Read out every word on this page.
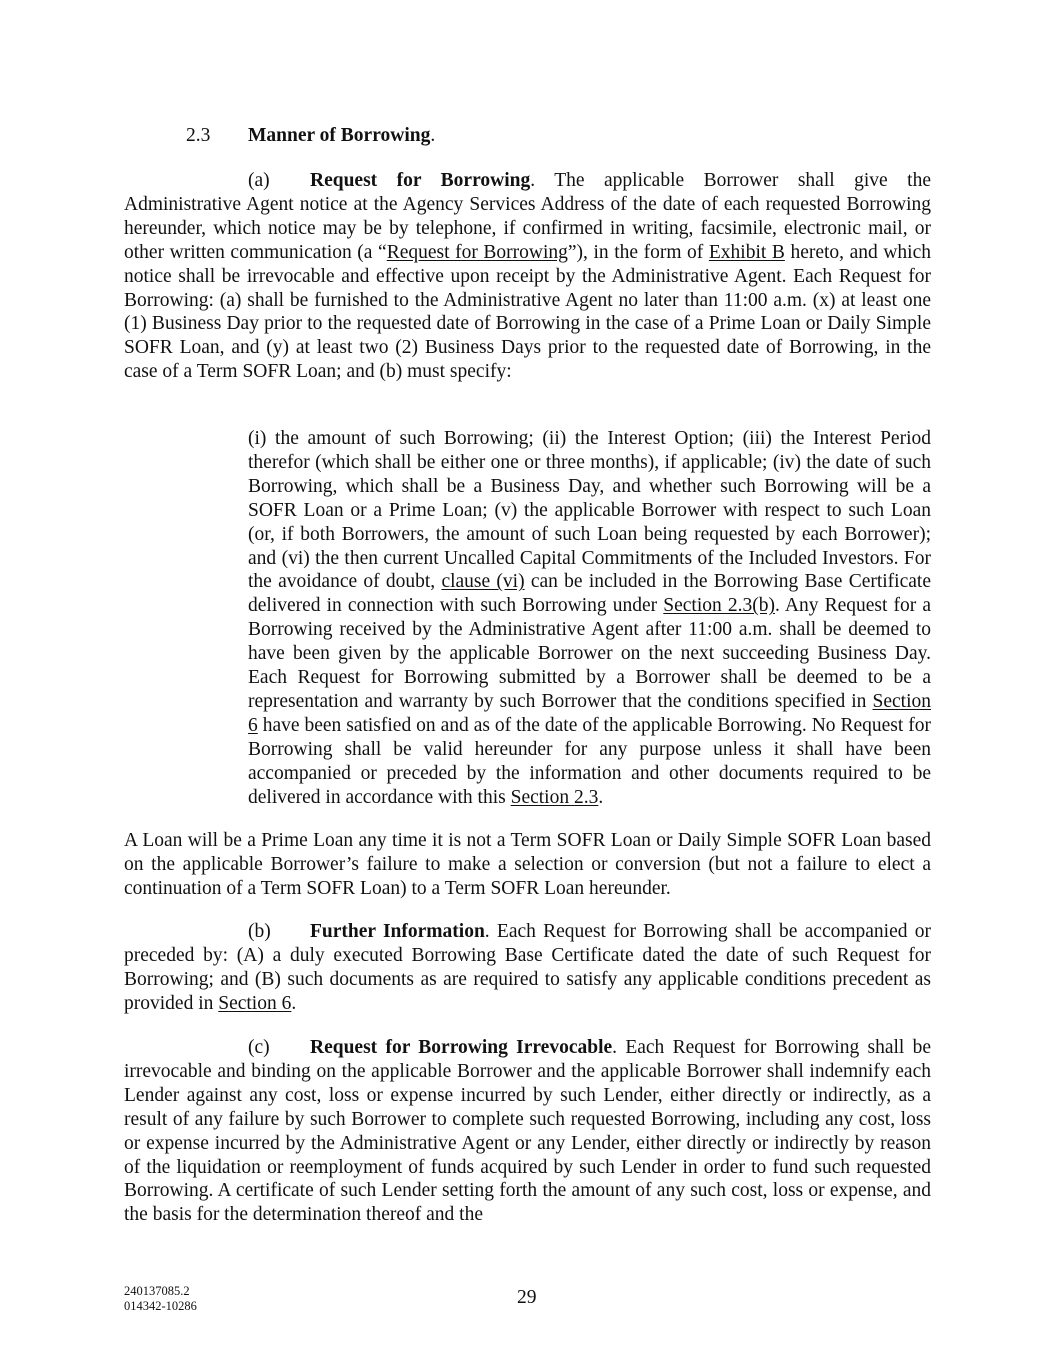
2.3 Manner of Borrowing.

(a) Request for Borrowing. The applicable Borrower shall give the Administrative Agent notice at the Agency Services Address of the date of each requested Borrowing hereunder, which notice may be by telephone, if confirmed in writing, facsimile, electronic mail, or other written communication (a “Request for Borrowing”), in the form of Exhibit B hereto, and which notice shall be irrevocable and effective upon receipt by the Administrative Agent. Each Request for Borrowing: (a) shall be furnished to the Administrative Agent no later than 11:00 a.m. (x) at least one (1) Business Day prior to the requested date of Borrowing in the case of a Prime Loan or Daily Simple SOFR Loan, and (y) at least two (2) Business Days prior to the requested date of Borrowing, in the case of a Term SOFR Loan; and (b) must specify:

(i) the amount of such Borrowing; (ii) the Interest Option; (iii) the Interest Period therefor (which shall be either one or three months), if applicable; (iv) the date of such Borrowing, which shall be a Business Day, and whether such Borrowing will be a SOFR Loan or a Prime Loan; (v) the applicable Borrower with respect to such Loan (or, if both Borrowers, the amount of such Loan being requested by each Borrower); and (vi) the then current Uncalled Capital Commitments of the Included Investors. For the avoidance of doubt, clause (vi) can be included in the Borrowing Base Certificate delivered in connection with such Borrowing under Section 2.3(b). Any Request for a Borrowing received by the Administrative Agent after 11:00 a.m. shall be deemed to have been given by the applicable Borrower on the next succeeding Business Day. Each Request for Borrowing submitted by a Borrower shall be deemed to be a representation and warranty by such Borrower that the conditions specified in Section 6 have been satisfied on and as of the date of the applicable Borrowing. No Request for Borrowing shall be valid hereunder for any purpose unless it shall have been accompanied or preceded by the information and other documents required to be delivered in accordance with this Section 2.3.

A Loan will be a Prime Loan any time it is not a Term SOFR Loan or Daily Simple SOFR Loan based on the applicable Borrower’s failure to make a selection or conversion (but not a failure to elect a continuation of a Term SOFR Loan) to a Term SOFR Loan hereunder.

(b) Further Information. Each Request for Borrowing shall be accompanied or preceded by: (A) a duly executed Borrowing Base Certificate dated the date of such Request for Borrowing; and (B) such documents as are required to satisfy any applicable conditions precedent as provided in Section 6.

(c) Request for Borrowing Irrevocable. Each Request for Borrowing shall be irrevocable and binding on the applicable Borrower and the applicable Borrower shall indemnify each Lender against any cost, loss or expense incurred by such Lender, either directly or indirectly, as a result of any failure by such Borrower to complete such requested Borrowing, including any cost, loss or expense incurred by the Administrative Agent or any Lender, either directly or indirectly by reason of the liquidation or reemployment of funds acquired by such Lender in order to fund such requested Borrowing. A certificate of such Lender setting forth the amount of any such cost, loss or expense, and the basis for the determination thereof and the

240137085.2
014342-10286	29
